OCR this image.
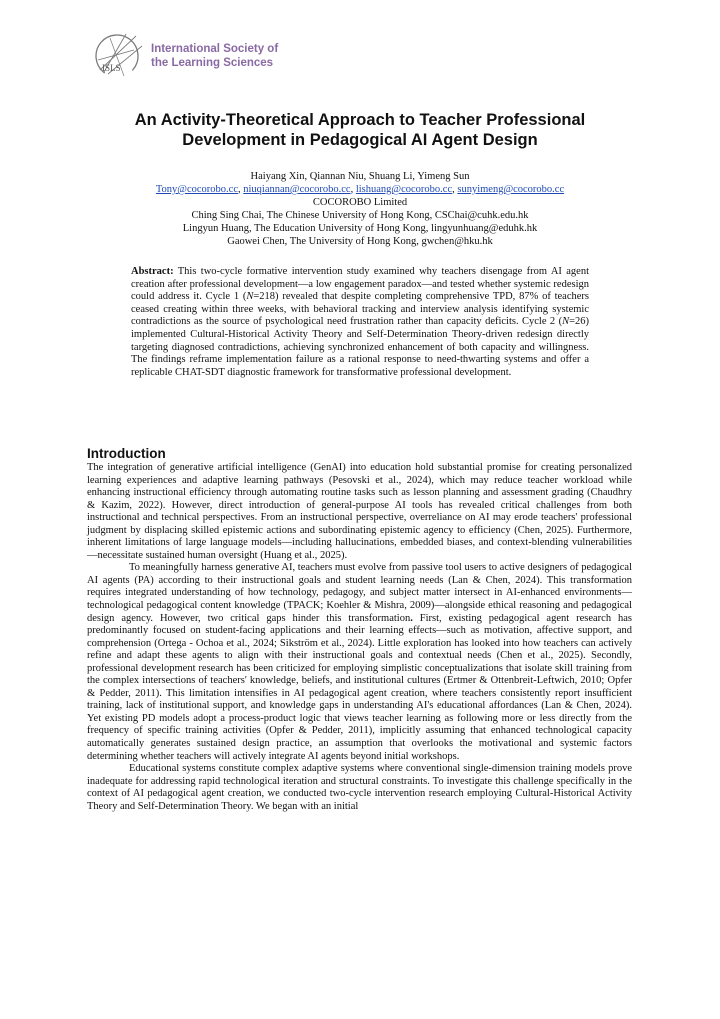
ISLS
International Society of
the Learning Sciences
An Activity-Theoretical Approach to Teacher Professional
Development in Pedagogical AI Agent Design
Haiyang Xin, Qiannan Niu, Shuang Li, Yimeng Sun
Tony@cocorobo.cc, niuqiannan@cocorobo.cc, lishuang@cocorobo.cc, sunyimeng@cocorobo.cc
COCOROBO Limited
Ching Sing Chai, The Chinese University of Hong Kong, CSChai@cuhk.edu.hk
Lingyun Huang, The Education University of Hong Kong, lingyunhuang@eduhk.hk
Gaowei Chen, The University of Hong Kong, gwchen@hku.hk
Abstract: This two-cycle formative intervention study examined why teachers disengage from AI agent creation after professional development—a low engagement paradox—and tested whether systemic redesign could address it. Cycle 1 (N=218) revealed that despite completing comprehensive TPD, 87% of teachers ceased creating within three weeks, with behavioral tracking and interview analysis identifying systemic contradictions as the source of psychological need frustration rather than capacity deficits. Cycle 2 (N=26) implemented Cultural-Historical Activity Theory and Self-Determination Theory-driven redesign directly targeting diagnosed contradictions, achieving synchronized enhancement of both capacity and willingness. The findings reframe implementation failure as a rational response to need-thwarting systems and offer a replicable CHAT-SDT diagnostic framework for transformative professional development.
Introduction

The integration of generative artificial intelligence (GenAI) into education hold substantial promise for creating personalized learning experiences and adaptive learning pathways (Pesovski et al., 2024), which may reduce teacher workload while enhancing instructional efficiency through automating routine tasks such as lesson planning and assessment grading (Chaudhry & Kazim, 2022). However, direct introduction of general-purpose AI tools has revealed critical challenges from both instructional and technical perspectives. From an instructional perspective, overreliance on AI may erode teachers' professional judgment by displacing skilled epistemic actions and subordinating epistemic agency to efficiency (Chen, 2025). Furthermore, inherent limitations of large language models—including hallucinations, embedded biases, and context-blending vulnerabilities—necessitate sustained human oversight (Huang et al., 2025).

To meaningfully harness generative AI, teachers must evolve from passive tool users to active designers of pedagogical AI agents (PA) according to their instructional goals and student learning needs (Lan & Chen, 2024). This transformation requires integrated understanding of how technology, pedagogy, and subject matter intersect in AI-enhanced environments—technological pedagogical content knowledge (TPACK; Koehler & Mishra, 2009)—alongside ethical reasoning and pedagogical design agency. However, two critical gaps hinder this transformation. First, existing pedagogical agent research has predominantly focused on student-facing applications and their learning effects—such as motivation, affective support, and comprehension (Ortega - Ochoa et al., 2024; Sikström et al., 2024). Little exploration has looked into how teachers can actively refine and adapt these agents to align with their instructional goals and contextual needs (Chen et al., 2025). Secondly, professional development research has been criticized for employing simplistic conceptualizations that isolate skill training from the complex intersections of teachers' knowledge, beliefs, and institutional cultures (Ertmer & Ottenbreit-Leftwich, 2010; Opfer & Pedder, 2011). This limitation intensifies in AI pedagogical agent creation, where teachers consistently report insufficient training, lack of institutional support, and knowledge gaps in understanding AI's educational affordances (Lan & Chen, 2024). Yet existing PD models adopt a process-product logic that views teacher learning as following more or less directly from the frequency of specific training activities (Opfer & Pedder, 2011), implicitly assuming that enhanced technological capacity automatically generates sustained design practice, an assumption that overlooks the motivational and systemic factors determining whether teachers will actively integrate AI agents beyond initial workshops.

Educational systems constitute complex adaptive systems where conventional single-dimension training models prove inadequate for addressing rapid technological iteration and structural constraints. To investigate this challenge specifically in the context of AI pedagogical agent creation, we conducted two-cycle intervention research employing Cultural-Historical Activity Theory and Self-Determination Theory. We began with an initial
